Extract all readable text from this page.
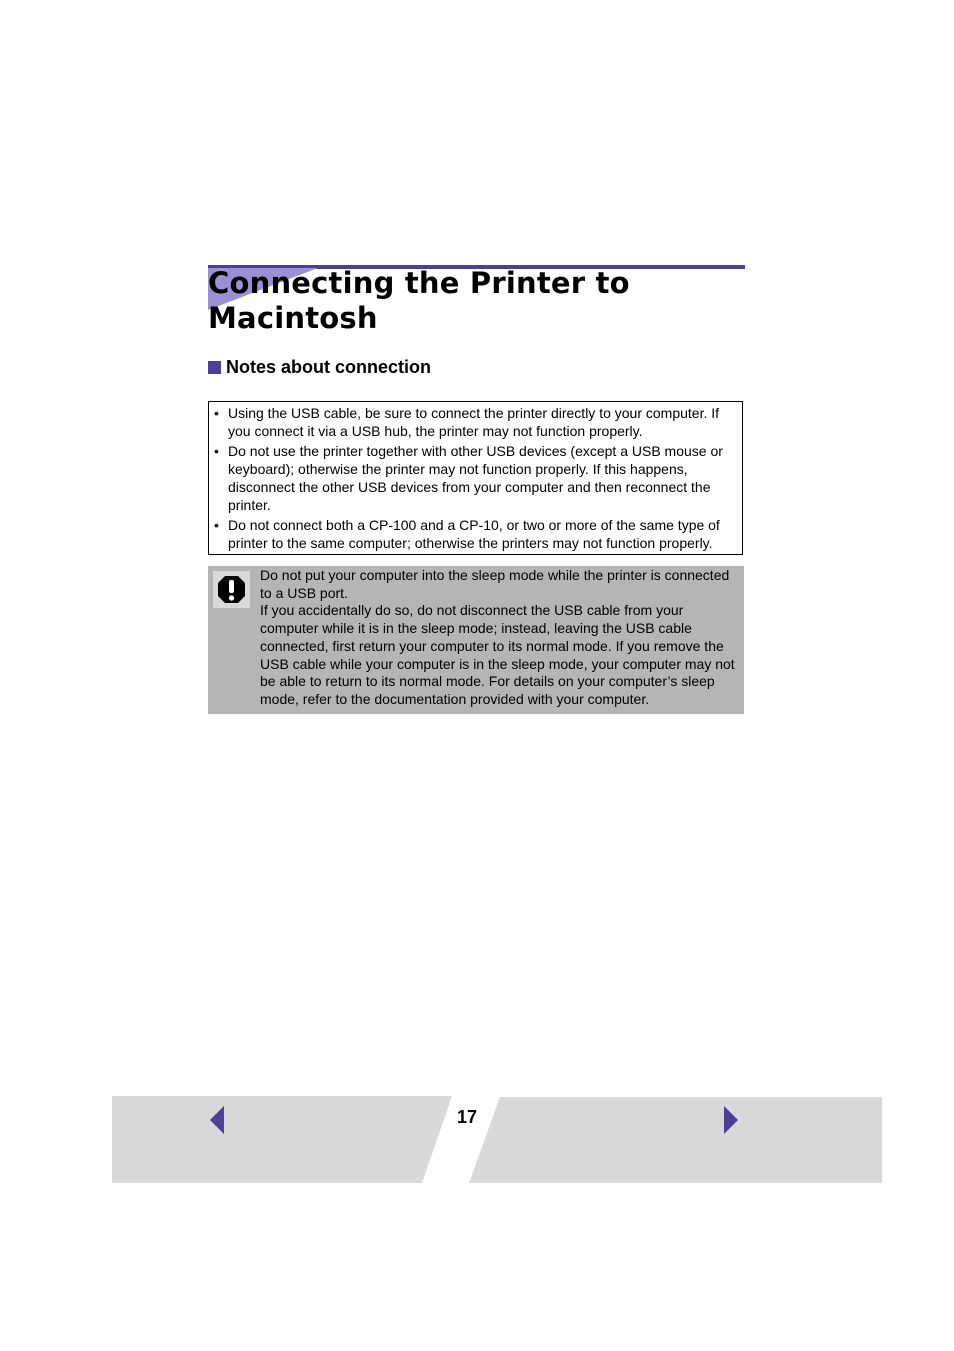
Connecting the Printer to Macintosh
Notes about connection
• Using the USB cable, be sure to connect the printer directly to your computer. If you connect it via a USB hub, the printer may not function properly.
• Do not use the printer together with other USB devices (except a USB mouse or keyboard); otherwise the printer may not function properly. If this happens, disconnect the other USB devices from your computer and then reconnect the printer.
• Do not connect both a CP-100 and a CP-10, or two or more of the same type of printer to the same computer; otherwise the printers may not function properly.

Do not put your computer into the sleep mode while the printer is connected to a USB port.
If you accidentally do so, do not disconnect the USB cable from your computer while it is in the sleep mode; instead, leaving the USB cable connected, first return your computer to its normal mode. If you remove the USB cable while your computer is in the sleep mode, your computer may not be able to return to its normal mode. For details on your computer’s sleep mode, refer to the documentation provided with your computer.

17
